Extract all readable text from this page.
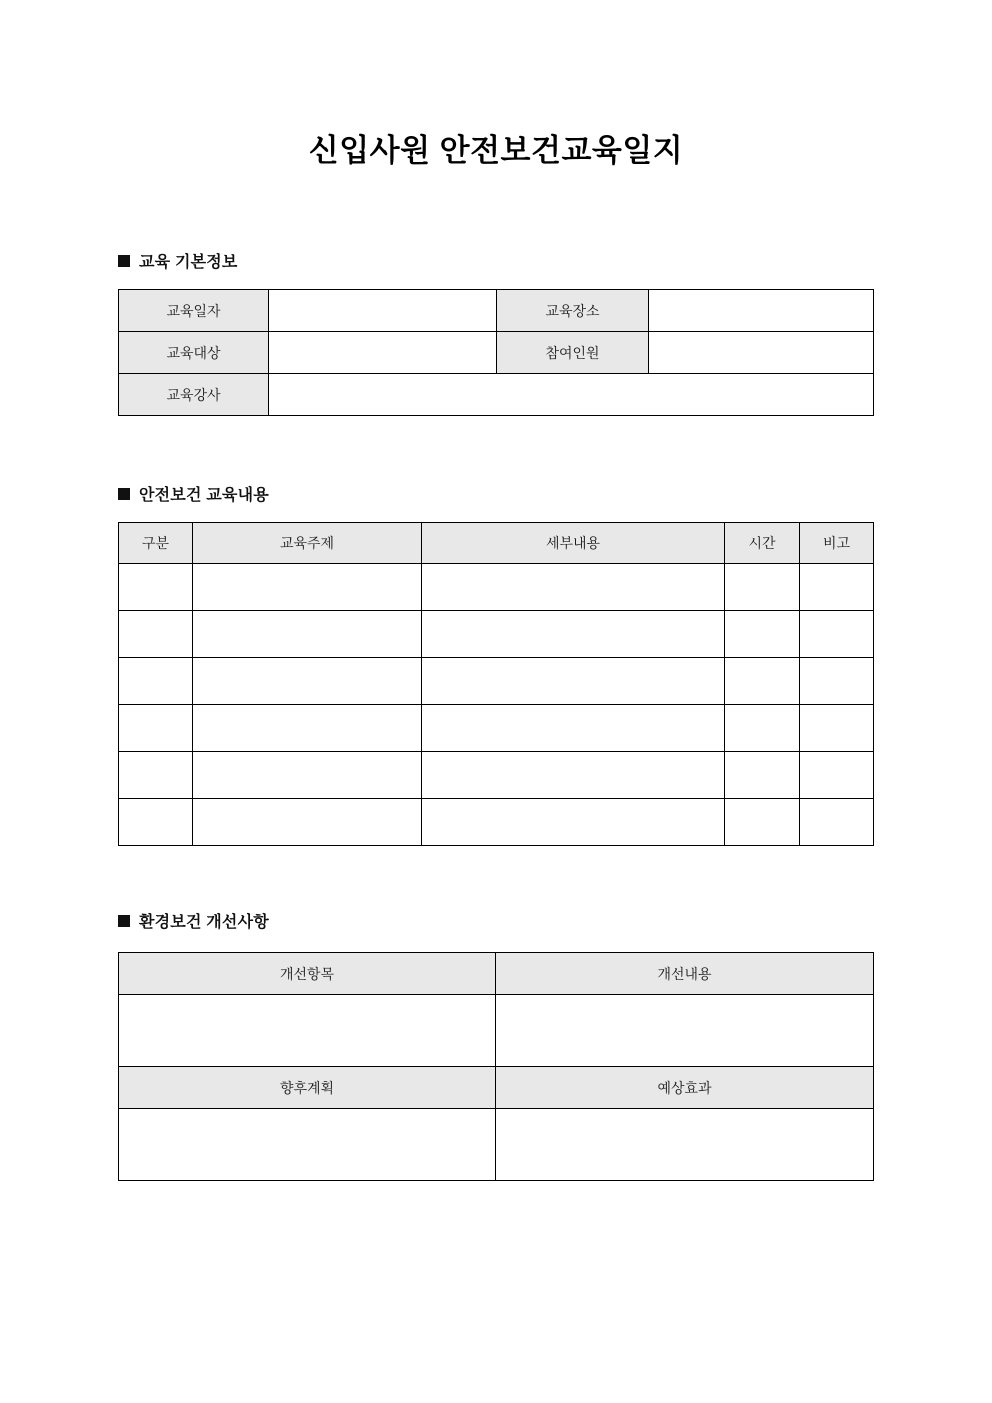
신입사원 안전보건교육일지
교육 기본정보
교육일자		교육장소	
교육대상		참여인원	
교육강사			
안전보건 교육내용
구분	교육주제	세부내용	시간	비고

환경보건 개선사항
개선항목	개선내용

향후계획	예상효과
